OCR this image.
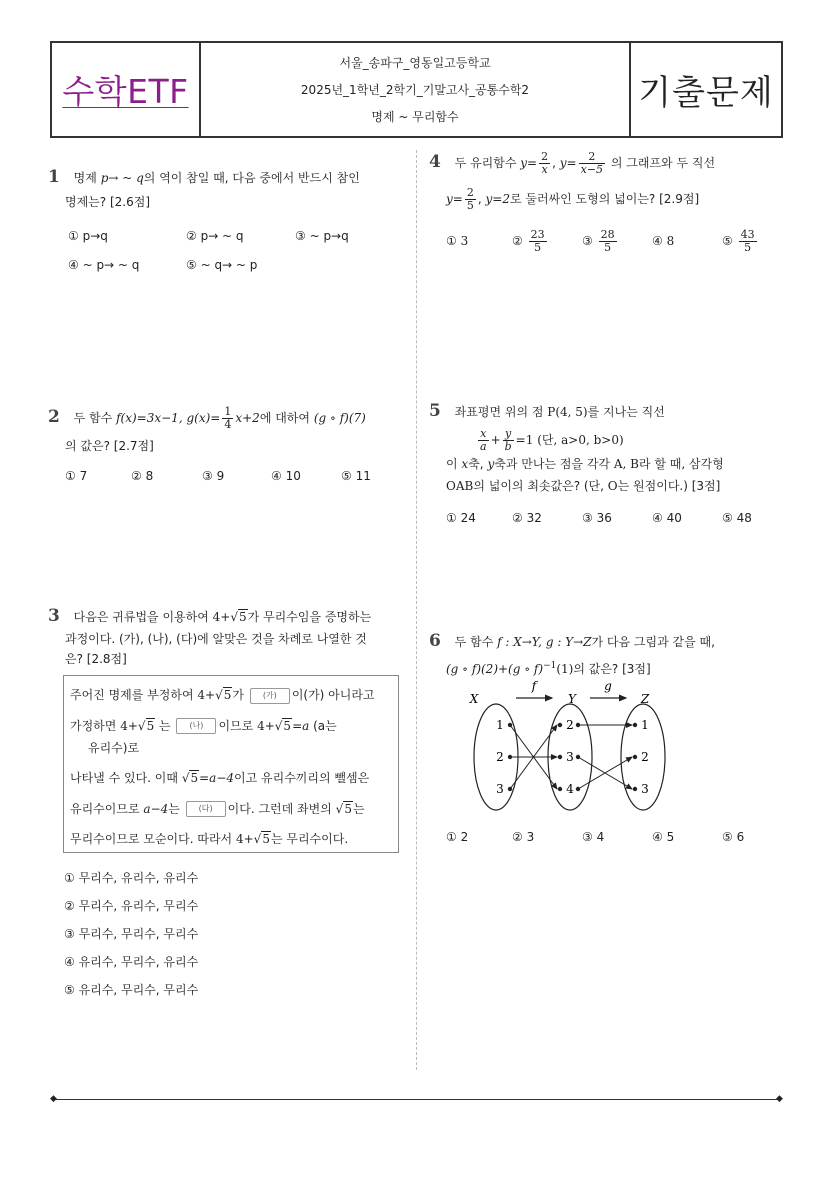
수학ETF
서울_송파구_영동일고등학교
2025년_1학년_2학기_기말고사_공통수학2
명제 ~ 무리함수
기출문제
1 명제 p→ ~ q의 역이 참일 때, 다음 중에서 반드시 참인
명제는? [2.6점]
① p→q	② p→ ~ q	③ ~ p→q
④ ~ p→ ~ q	⑤ ~ q→ ~ p
2 두 함수 f(x)=3x−1, $g(x)= \frac{1}{4} x+2$에 대하여 (g ∘ f)(7)
의 값은? [2.7점]
① 7	② 8	③ 9	④ 10	⑤ 11
3 다음은 귀류법을 이용하여 4+√5가 무리수임을 증명하는
과정이다. (가), (나), (다)에 알맞은 것을 차례로 나열한 것
은? [2.8점]
주어진 명제를 부정하여 4+√5가 (가) 이(가) 아니라고
가정하면 4+√5 는 (나) 이므로 4+√5=a (a는
유리수)로
나타낼 수 있다. 이때 √5=a−4이고 유리수끼리의 뺄셈은
유리수이므로 a−4는 (다) 이다. 그런데 좌변의 √5는
무리수이므로 모순이다. 따라서 4+√5는 무리수이다.
① 무리수, 유리수, 유리수
② 무리수, 유리수, 무리수
③ 무리수, 무리수, 무리수
④ 유리수, 무리수, 유리수
⑤ 유리수, 무리수, 무리수
4 두 유리함수 $y= \frac{2}{x}$ , $y= \frac{2}{x-5}$ 의 그래프와 두 직선
$y= \frac{2}{5}$ , y=2로 둘러싸인 도형의 넓이는? [2.9점]
① 3	② $\frac{23}{5}$	③ $\frac{28}{5}$	④ 8	⑤ $\frac{43}{5}$
5 좌표평면 위의 점 P(4, 5)를 지나는 직선
$\frac{x}{a} + \frac{y}{b} =1$ (단, a>0, b>0)
이 x축, y축과 만나는 점을 각각 A, B라 할 때, 삼각형
OAB의 넓이의 최솟값은? (단, O는 원점이다.) [3점]
① 24	② 32	③ 36	④ 40	⑤ 48
6 두 함수 f : X→Y, g : Y→Z가 다음 그림과 같을 때,
(g ∘ f)(2)+(g ∘ f)$^{-1}$(1)의 값은? [3점]
X	Y	Z
f	g
1
2
3
2
3
4
1
2
3
① 2	② 3	③ 4	④ 5	⑤ 6
◆	◆
